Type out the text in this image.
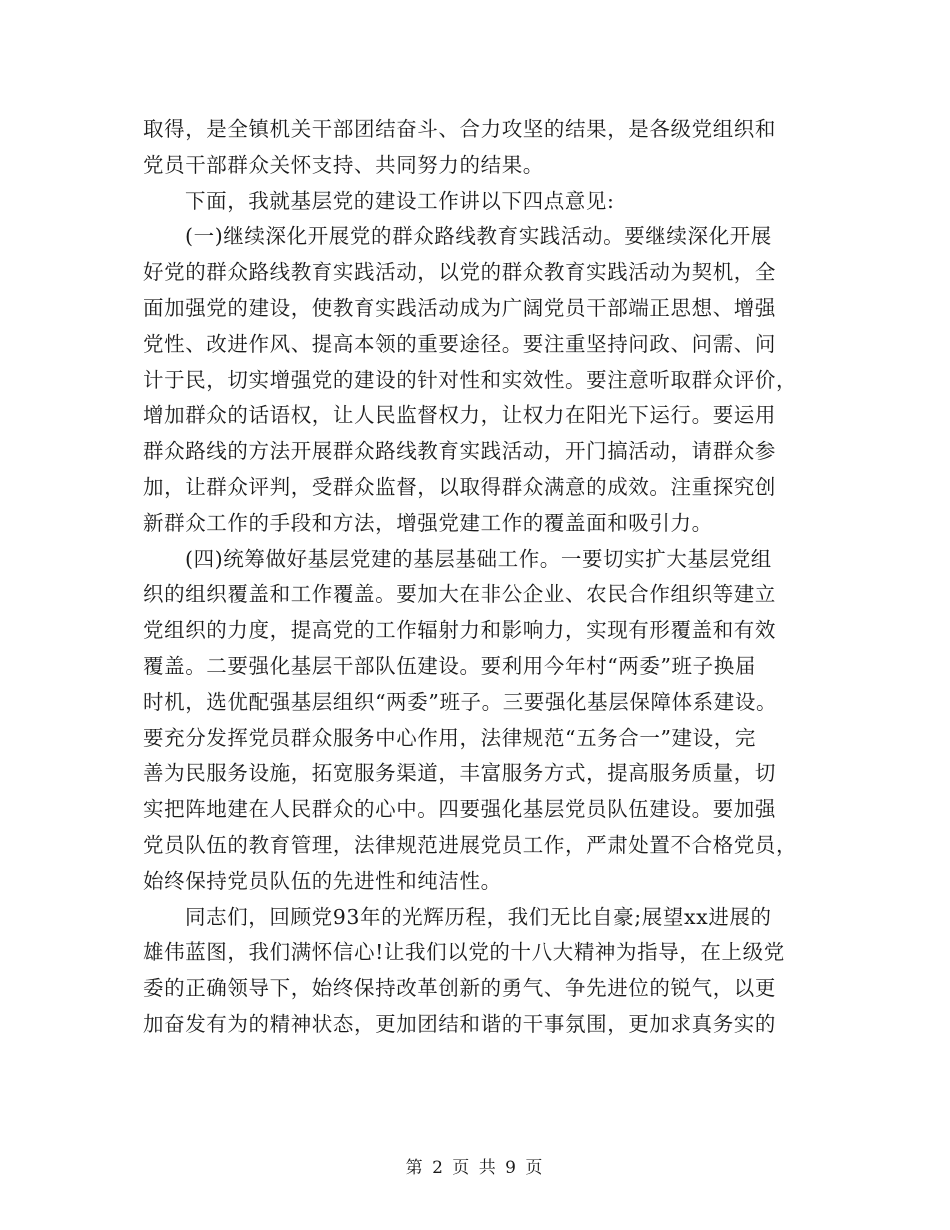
取得，是全镇机关干部团结奋斗、合力攻坚的结果，是各级党组织和
党员干部群众关怀支持、共同努力的结果。
下面，我就基层党的建设工作讲以下四点意见:
(一)继续深化开展党的群众路线教育实践活动。要继续深化开展
好党的群众路线教育实践活动，以党的群众教育实践活动为契机，全
面加强党的建设，使教育实践活动成为广阔党员干部端正思想、增强
党性、改进作风、提高本领的重要途径。要注重坚持问政、问需、问
计于民，切实增强党的建设的针对性和实效性。要注意听取群众评价，
增加群众的话语权，让人民监督权力，让权力在阳光下运行。要运用
群众路线的方法开展群众路线教育实践活动，开门搞活动，请群众参
加，让群众评判，受群众监督，以取得群众满意的成效。注重探究创
新群众工作的手段和方法，增强党建工作的覆盖面和吸引力。
(四)统筹做好基层党建的基层基础工作。一要切实扩大基层党组
织的组织覆盖和工作覆盖。要加大在非公企业、农民合作组织等建立
党组织的力度，提高党的工作辐射力和影响力，实现有形覆盖和有效
覆盖。二要强化基层干部队伍建设。要利用今年村“两委”班子换届
时机，选优配强基层组织“两委”班子。三要强化基层保障体系建设。
要充分发挥党员群众服务中心作用，法律规范“五务合一”建设，完
善为民服务设施，拓宽服务渠道，丰富服务方式，提高服务质量，切
实把阵地建在人民群众的心中。四要强化基层党员队伍建设。要加强
党员队伍的教育管理，法律规范进展党员工作，严肃处置不合格党员，
始终保持党员队伍的先进性和纯洁性。
同志们，回顾党93年的光辉历程，我们无比自豪;展望xx进展的
雄伟蓝图，我们满怀信心!让我们以党的十八大精神为指导，在上级党
委的正确领导下，始终保持改革创新的勇气、争先进位的锐气，以更
加奋发有为的精神状态，更加团结和谐的干事氛围，更加求真务实的
第 2 页 共 9 页
